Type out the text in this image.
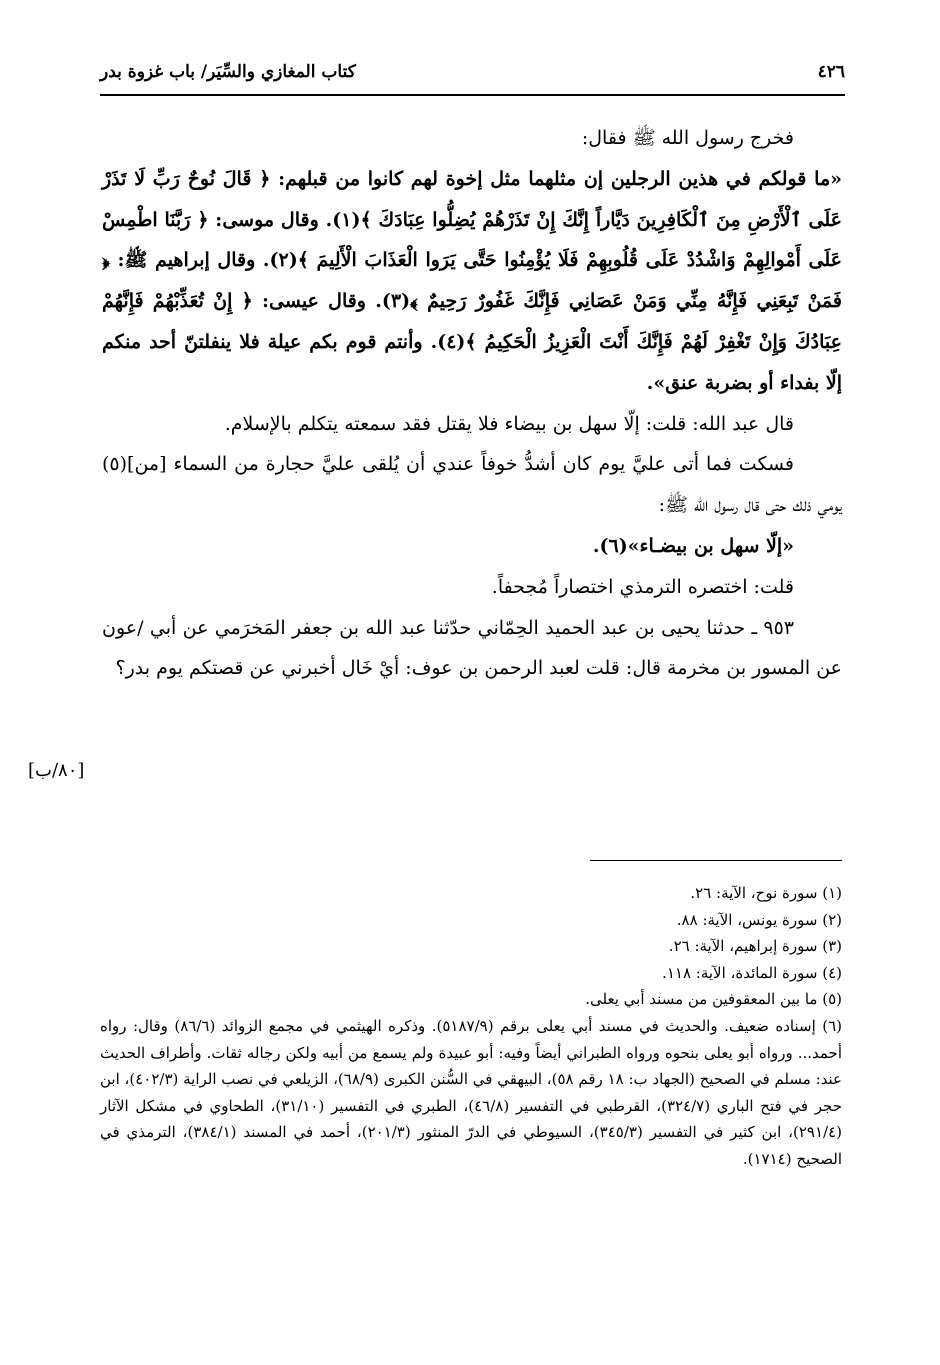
٤٢٦
كتاب المغازي والسِّيَر/ باب غزوة بدر

فخرج رسول الله ﷺ فقال:

«ما قولكم في هذين الرجلين إن مثلهما مثل إخوة لهم كانوا من قبلهم: ﴿ قَالَ نُوحٌ رَبِّ لَا تَذَرْ عَلَى ٱلْأَرْضِ مِنَ ٱلْكَافِرِينَ دَيَّاراً إِنَّكَ إِنْ تَذَرْهُمْ يُضِلُّوا عِبَادَكَ ﴾(١). وقال موسى: ﴿ رَبَّنَا اطْمِسْ عَلَى أَمْوالِهِمْ وَاشْدُدْ عَلَى قُلُوبِهِمْ فَلَا يُؤْمِنُوا حَتَّى يَرَوا الْعَذَابَ الْأَلِيمَ ﴾(٢). وقال إبراهيم ﷺ: ﴿ فَمَنْ تَبِعَنِي فَإِنَّهُ مِنِّي وَمَنْ عَصَانِي فَإِنَّكَ غَفُورٌ رَحِيمٌ ﴾(٣). وقال عيسى: ﴿ إِنْ تُعَذِّبْهُمْ فَإِنَّهُمْ عِبَادُكَ وَإِنْ تَغْفِرْ لَهُمْ فَإِنَّكَ أَنْتَ الْعَزِيزُ الْحَكِيمُ ﴾(٤). وأنتم قوم بكم عيلة فلا ينفلتنّ أحد منكم إلّا بفداء أو بضربة عنق».

قال عبد الله: قلت: إلّا سهل بن بيضاء فلا يقتل فقد سمعته يتكلم بالإسلام.

فسكت فما أتى عليَّ يوم كان أشدُّ خوفاً عندي أن يُلقى عليَّ حجارة من السماء [من](٥) يومي ذلك حتى قال رسول الله ﷺ:

«إلّا سهل بن بيضـاء»(٦).

قلت: اختصره الترمذي اختصاراً مُجحفاً.

٩٥٣ ـ حدثنا يحيى بن عبد الحميد الحِمّاني حدّثنا عبد الله بن جعفر المَخرَمي عن أبي /عون عن المسور بن مخرمة قال: قلت لعبد الرحمن بن عوف: أيْ خَال أخبرني عن قصتكم يوم بدر؟

[٨٠/ب]

(١) سورة نوح، الآية: ٢٦.

(٢) سورة يونس، الآية: ٨٨.

(٣) سورة إبراهيم، الآية: ٢٦.

(٤) سورة المائدة، الآية: ١١٨.

(٥) ما بين المعقوفين من مسند أبي يعلى.

(٦) إسناده ضعيف. والحديث في مسند أبي يعلى برقم (٥١٨٧/٩). وذكره الهيثمي في مجمع الزوائد (٨٦/٦) وقال: رواه أحمد... ورواه أبو يعلى بنحوه ورواه الطبراني أيضاً وفيه: أبو عبيدة ولم يسمع من أبيه ولكن رجاله ثقات. وأطراف الحديث عند: مسلم في الصحيح (الجهاد ب: ١٨ رقم ٥٨)، البيهقي في السُّنن الكبرى (٦٨/٩)، الزيلعي في نصب الراية (٤٠٢/٣)، ابن حجر في فتح الباري (٣٢٤/٧)، القرطبي في التفسير (٤٦/٨)، الطبري في التفسير (٣١/١٠)، الطحاوي في مشكل الآثار (٢٩١/٤)، ابن كثير في التفسير (٣٤٥/٣)، السيوطي في الدرّ المنثور (٢٠١/٣)، أحمد في المسند (٣٨٤/١)، الترمذي في الصحيح (١٧١٤).
